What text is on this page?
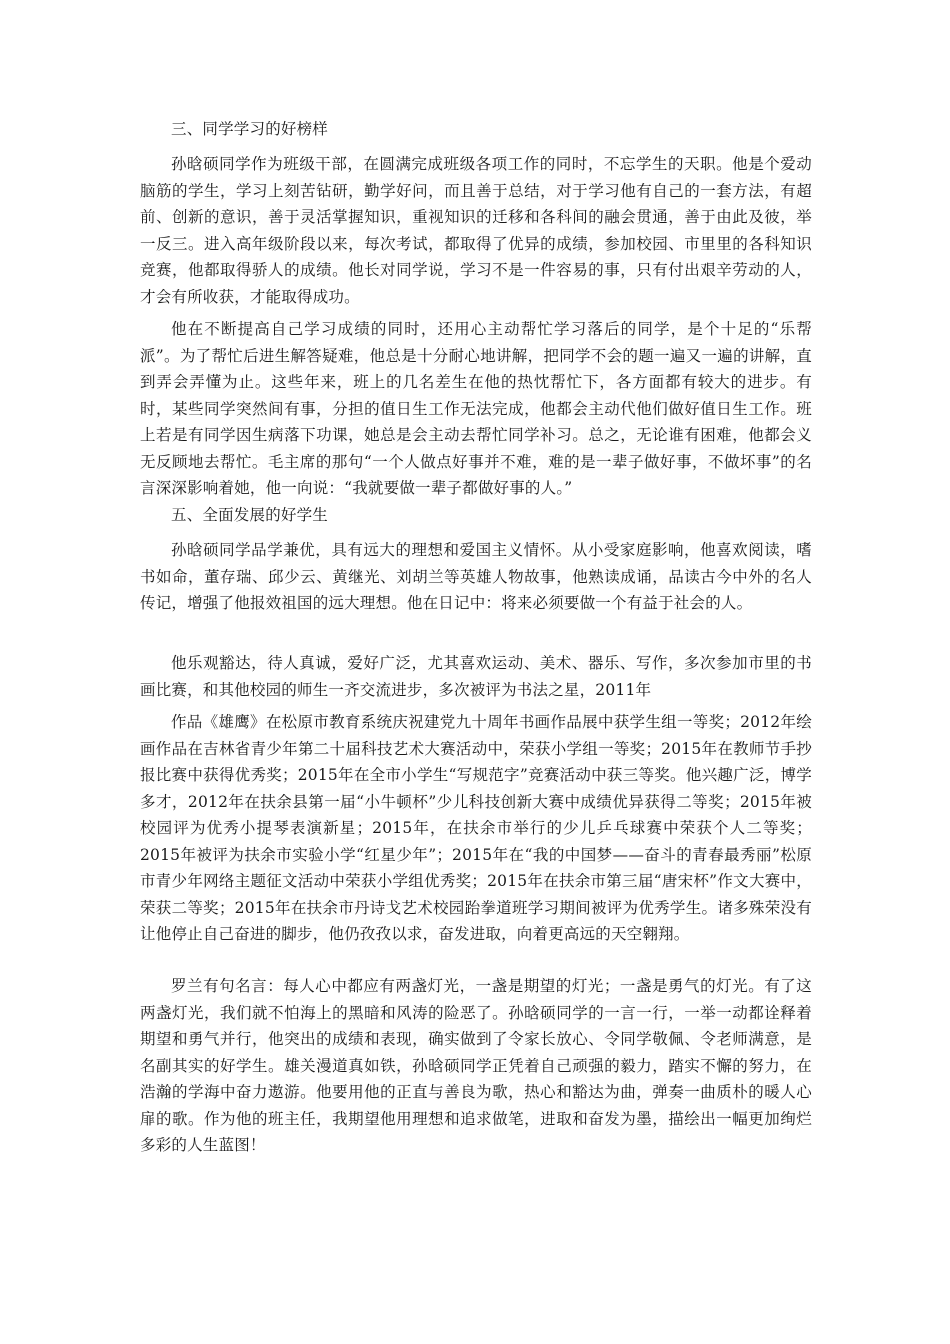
三、同学学习的好榜样

孙晗硕同学作为班级干部，在圆满完成班级各项工作的同时，不忘学生的天职。他是个爱动脑筋的学生，学习上刻苦钻研，勤学好问，而且善于总结，对于学习他有自己的一套方法，有超前、创新的意识，善于灵活掌握知识，重视知识的迁移和各科间的融会贯通，善于由此及彼，举一反三。进入高年级阶段以来，每次考试，都取得了优异的成绩，参加校园、市里里的各科知识竞赛，他都取得骄人的成绩。他长对同学说，学习不是一件容易的事，只有付出艰辛劳动的人，才会有所收获，才能取得成功。

他在不断提高自己学习成绩的同时，还用心主动帮忙学习落后的同学，是个十足的“乐帮派”。为了帮忙后进生解答疑难，他总是十分耐心地讲解，把同学不会的题一遍又一遍的讲解，直到弄会弄懂为止。这些年来，班上的几名差生在他的热忱帮忙下，各方面都有较大的进步。有时，某些同学突然间有事，分担的值日生工作无法完成，他都会主动代他们做好值日生工作。班上若是有同学因生病落下功课，她总是会主动去帮忙同学补习。总之，无论谁有困难，他都会义无反顾地去帮忙。毛主席的那句“一个人做点好事并不难，难的是一辈子做好事，不做坏事”的名言深深影响着她，他一向说：“我就要做一辈子都做好事的人。”

五、全面发展的好学生

孙晗硕同学品学兼优，具有远大的理想和爱国主义情怀。从小受家庭影响，他喜欢阅读，嗜书如命，董存瑞、邱少云、黄继光、刘胡兰等英雄人物故事，他熟读成诵，品读古今中外的名人传记，增强了他报效祖国的远大理想。他在日记中：将来必须要做一个有益于社会的人。

他乐观豁达，待人真诚，爱好广泛，尤其喜欢运动、美术、器乐、写作，多次参加市里的书画比赛，和其他校园的师生一齐交流进步，多次被评为书法之星，2011年

作品《雄鹰》在松原市教育系统庆祝建党九十周年书画作品展中获学生组一等奖；2012年绘画作品在吉林省青少年第二十届科技艺术大赛活动中，荣获小学组一等奖；2015年在教师节手抄报比赛中获得优秀奖；2015年在全市小学生“写规范字”竞赛活动中获三等奖。他兴趣广泛，博学多才，2012年在扶余县第一届“小牛顿杯”少儿科技创新大赛中成绩优异获得二等奖；2015年被校园评为优秀小提琴表演新星；2015年，在扶余市举行的少儿乒乓球赛中荣获个人二等奖；2015年被评为扶余市实验小学“红星少年”；2015年在“我的中国梦——奋斗的青春最秀丽”松原市青少年网络主题征文活动中荣获小学组优秀奖；2015年在扶余市第三届“唐宋杯”作文大赛中，荣获二等奖；2015年在扶余市丹诗戈艺术校园跆拳道班学习期间被评为优秀学生。诸多殊荣没有让他停止自己奋进的脚步，他仍孜孜以求，奋发进取，向着更高远的天空翱翔。

罗兰有句名言：每人心中都应有两盏灯光，一盏是期望的灯光；一盏是勇气的灯光。有了这两盏灯光，我们就不怕海上的黑暗和风涛的险恶了。孙晗硕同学的一言一行，一举一动都诠释着期望和勇气并行，他突出的成绩和表现，确实做到了令家长放心、令同学敬佩、令老师满意，是名副其实的好学生。雄关漫道真如铁，孙晗硕同学正凭着自己顽强的毅力，踏实不懈的努力，在浩瀚的学海中奋力遨游。他要用他的正直与善良为歌，热心和豁达为曲，弹奏一曲质朴的暖人心扉的歌。作为他的班主任，我期望他用理想和追求做笔，进取和奋发为墨，描绘出一幅更加绚烂多彩的人生蓝图！
